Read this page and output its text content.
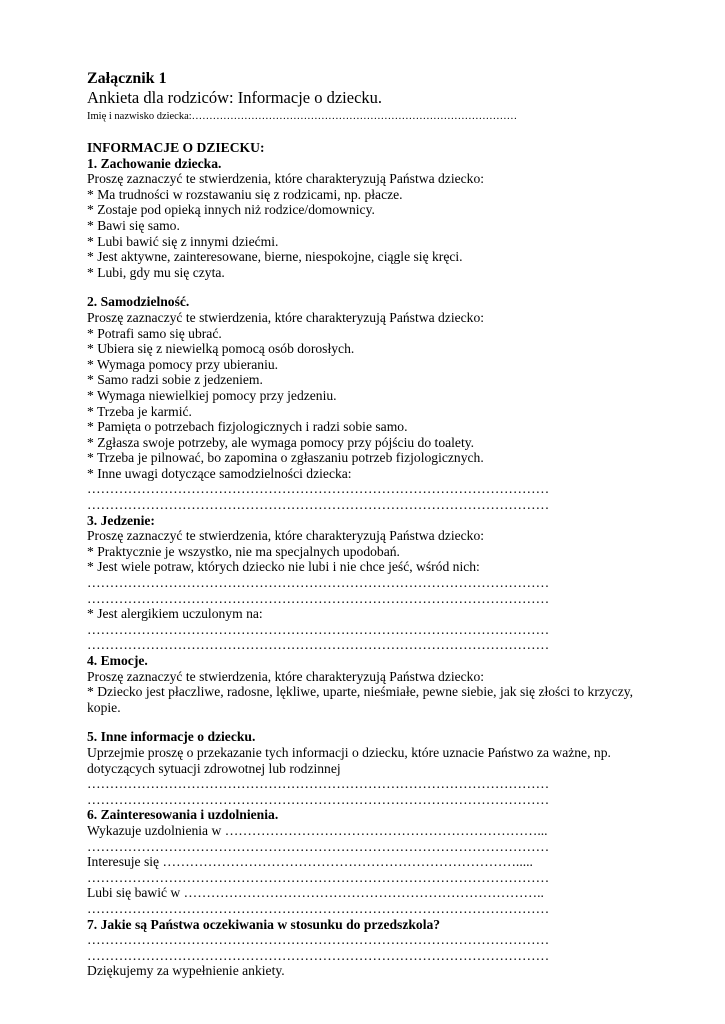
Załącznik 1
Ankieta dla rodziców: Informacje o dziecku.
Imię i nazwisko dziecka:…………………………………………………………………………………
INFORMACJE O DZIECKU:
1. Zachowanie dziecka.
Proszę zaznaczyć te stwierdzenia, które charakteryzują Państwa dziecko:
* Ma trudności w rozstawaniu się z rodzicami, np. płacze.
* Zostaje pod opieką innych niż rodzice/domownicy.
* Bawi się samo.
* Lubi bawić się z innymi dziećmi.
* Jest aktywne, zainteresowane, bierne, niespokojne, ciągle się kręci.
* Lubi, gdy mu się czyta.
2. Samodzielność.
Proszę zaznaczyć te stwierdzenia, które charakteryzują Państwa dziecko:
* Potrafi samo się ubrać.
* Ubiera się z niewielką pomocą osób dorosłych.
* Wymaga pomocy przy ubieraniu.
* Samo radzi sobie z jedzeniem.
* Wymaga niewielkiej pomocy przy jedzeniu.
* Trzeba je karmić.
* Pamięta o potrzebach fizjologicznych i radzi sobie samo.
* Zgłasza swoje potrzeby, ale wymaga pomocy przy pójściu do toalety.
* Trzeba je pilnować, bo zapomina o zgłaszaniu potrzeb fizjologicznych.
* Inne uwagi dotyczące samodzielności dziecka:
…………………………………………………………………………………………
…………………………………………………………………………………………
3. Jedzenie:
Proszę zaznaczyć te stwierdzenia, które charakteryzują Państwa dziecko:
* Praktycznie je wszystko, nie ma specjalnych upodobań.
* Jest wiele potraw, których dziecko nie lubi i nie chce jeść, wśród nich:
…………………………………………………………………………………………
…………………………………………………………………………………………
* Jest alergikiem uczulonym na:
…………………………………………………………………………………………
…………………………………………………………………………………………
4. Emocje.
Proszę zaznaczyć te stwierdzenia, które charakteryzują Państwa dziecko:
* Dziecko jest płaczliwe, radosne, lękliwe, uparte, nieśmiałe, pewne siebie, jak się złości to krzyczy, kopie.
5. Inne informacje o dziecku.
Uprzejmie proszę o przekazanie tych informacji o dziecku, które uznacie Państwo za ważne, np. dotyczących sytuacji zdrowotnej lub rodzinnej
…………………………………………………………………………………………
…………………………………………………………………………………………
6. Zainteresowania i uzdolnienia.
Wykazuje uzdolnienia w ……………………………………………………………...
…………………………………………………………………………………………
Interesuje się …………………………………………………………………….....
…………………………………………………………………………………………
Lubi się bawić w ……………………………………………………………………..
…………………………………………………………………………………………
7. Jakie są Państwa oczekiwania w stosunku do przedszkola?
…………………………………………………………………………………………
…………………………………………………………………………………………
Dziękujemy za wypełnienie ankiety.
